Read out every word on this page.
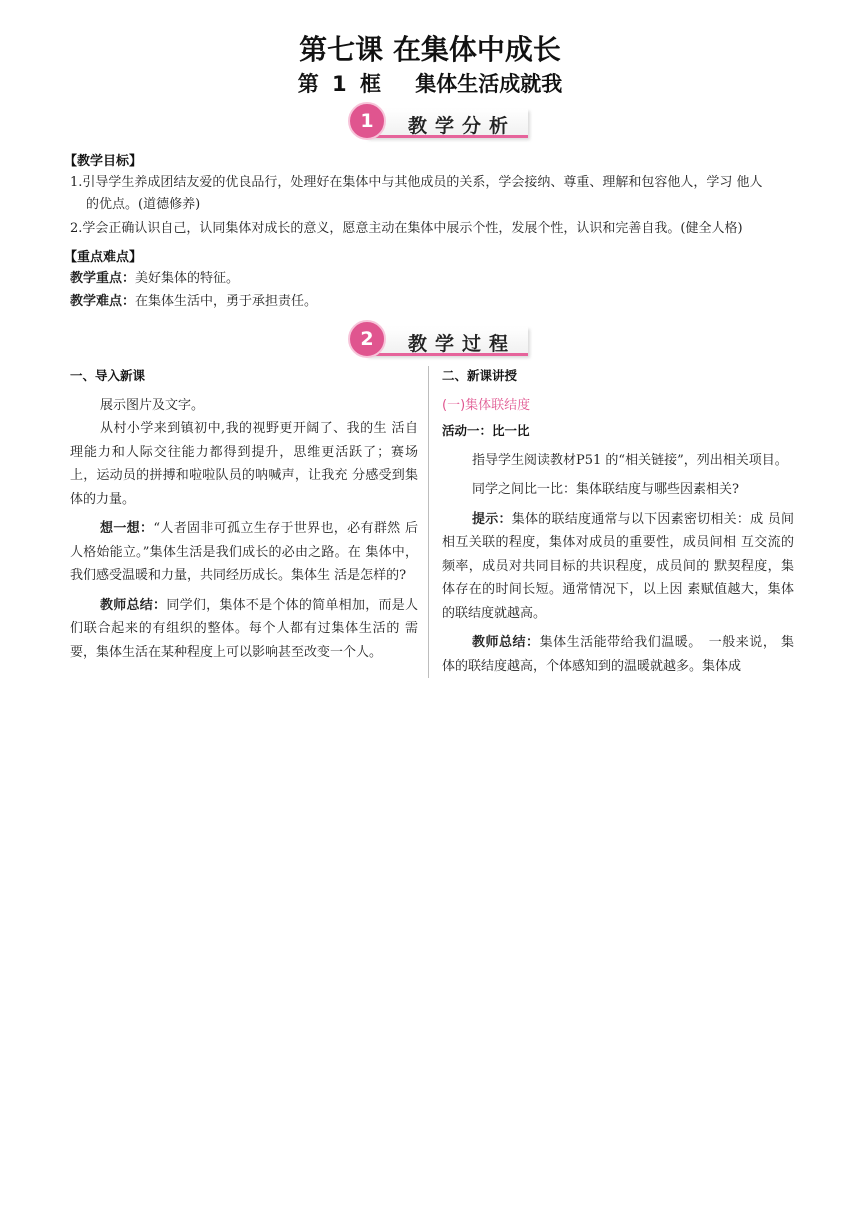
第七课 在集体中成长
第 1 框　 集体生活成就我
1	教学分析
【教学目标】
1.引导学生养成团结友爱的优良品行，处理好在集体中与其他成员的关系，学会接纳、尊重、理解和包容他人，学习 他人
的优点。(道德修养)
2.学会正确认识自己，认同集体对成长的意义，愿意主动在集体中展示个性，发展个性，认识和完善自我。(健全人格)
【重点难点】
教学重点：美好集体的特征。
教学难点：在集体生活中，勇于承担责任。
2	教学过程
一、导入新课

展示图片及文字。

从村小学来到镇初中,我的视野更开阔了、我的生 活自理能力和人际交往能力都得到提升，思维更活跃了；赛场上，运动员的拼搏和啦啦队员的呐喊声，让我充 分感受到集体的力量。

想一想：“人者固非可孤立生存于世界也，必有群然 后人格始能立。”集体生活是我们成长的必由之路。在 集体中，我们感受温暖和力量，共同经历成长。集体生 活是怎样的?

教师总结：同学们，集体不是个体的简单相加，而是人 们联合起来的有组织的整体。每个人都有过集体生活的 需要，集体生活在某种程度上可以影响甚至改变一个人。

二、新课讲授
(一)集体联结度
活动一：比一比

指导学生阅读教材P51 的“相关链接”，列出相关项目。

同学之间比一比：集体联结度与哪些因素相关?

提示：集体的联结度通常与以下因素密切相关：成 员间相互关联的程度，集体对成员的重要性，成员间相 互交流的频率，成员对共同目标的共识程度，成员间的 默契程度，集体存在的时间长短。通常情况下，以上因 素赋值越大，集体的联结度就越高。

教师总结：集体生活能带给我们温暖。　一般来说， 集体的联结度越高，个体感知到的温暖就越多。集体成
